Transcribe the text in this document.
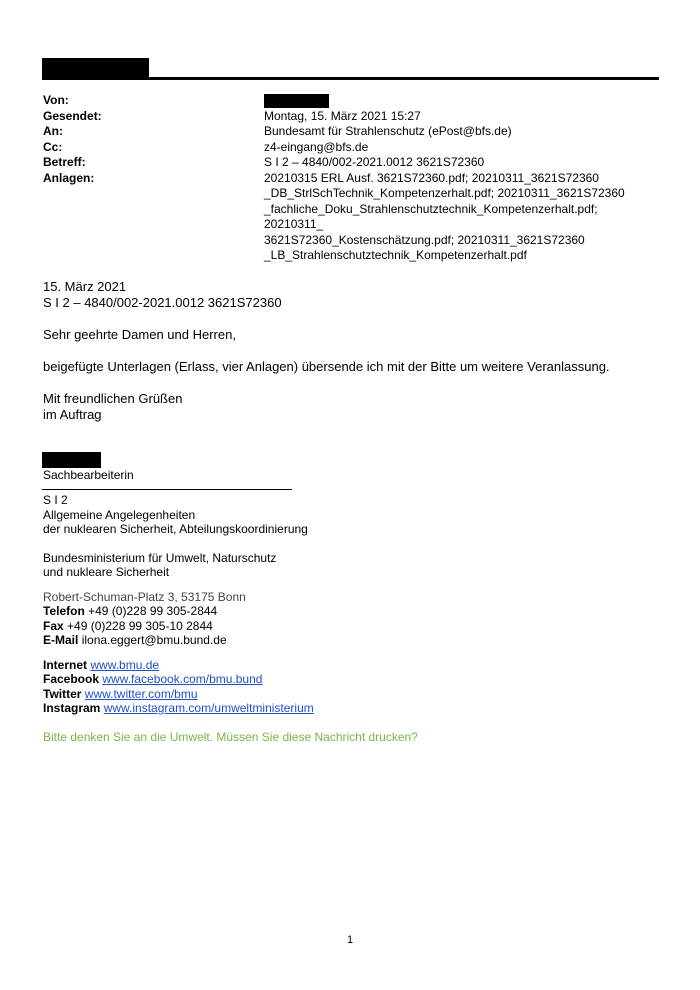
Von:

Gesendet:	Montag, 15. März 2021 15:27
An:	Bundesamt für Strahlenschutz (ePost@bfs.de)
Cc:	z4-eingang@bfs.de
Betreff:	S I 2 – 4840/002-2021.0012 3621S72360
Anlagen:	20210315 ERL Ausf. 3621S72360.pdf; 20210311_3621S72360
_DB_StrlSchTechnik_Kompetenzerhalt.pdf; 20210311_3621S72360
_fachliche_Doku_Strahlenschutztechnik_Kompetenzerhalt.pdf; 20210311_
3621S72360_Kostenschätzung.pdf; 20210311_3621S72360
_LB_Strahlenschutztechnik_Kompetenzerhalt.pdf

15. März 2021

S I 2 – 4840/002-2021.0012 3621S72360

Sehr geehrte Damen und Herren,

beigefügte Unterlagen (Erlass, vier Anlagen) übersende ich mit der Bitte um weitere Veranlassung.

Mit freundlichen Grüßen

im Auftrag

Sachbearbeiterin

S I 2

Allgemeine Angelegenheiten

der nuklearen Sicherheit, Abteilungskoordinierung

Bundesministerium für Umwelt, Naturschutz

und nukleare Sicherheit

Robert-Schuman-Platz 3, 53175 Bonn

Telefon +49 (0)228 99 305-2844

Fax +49 (0)228 99 305-10 2844

E-Mail ilona.eggert@bmu.bund.de

Internet www.bmu.de

Facebook www.facebook.com/bmu.bund

Twitter www.twitter.com/bmu

Instagram www.instagram.com/umweltministerium

Bitte denken Sie an die Umwelt. Müssen Sie diese Nachricht drucken?

1
